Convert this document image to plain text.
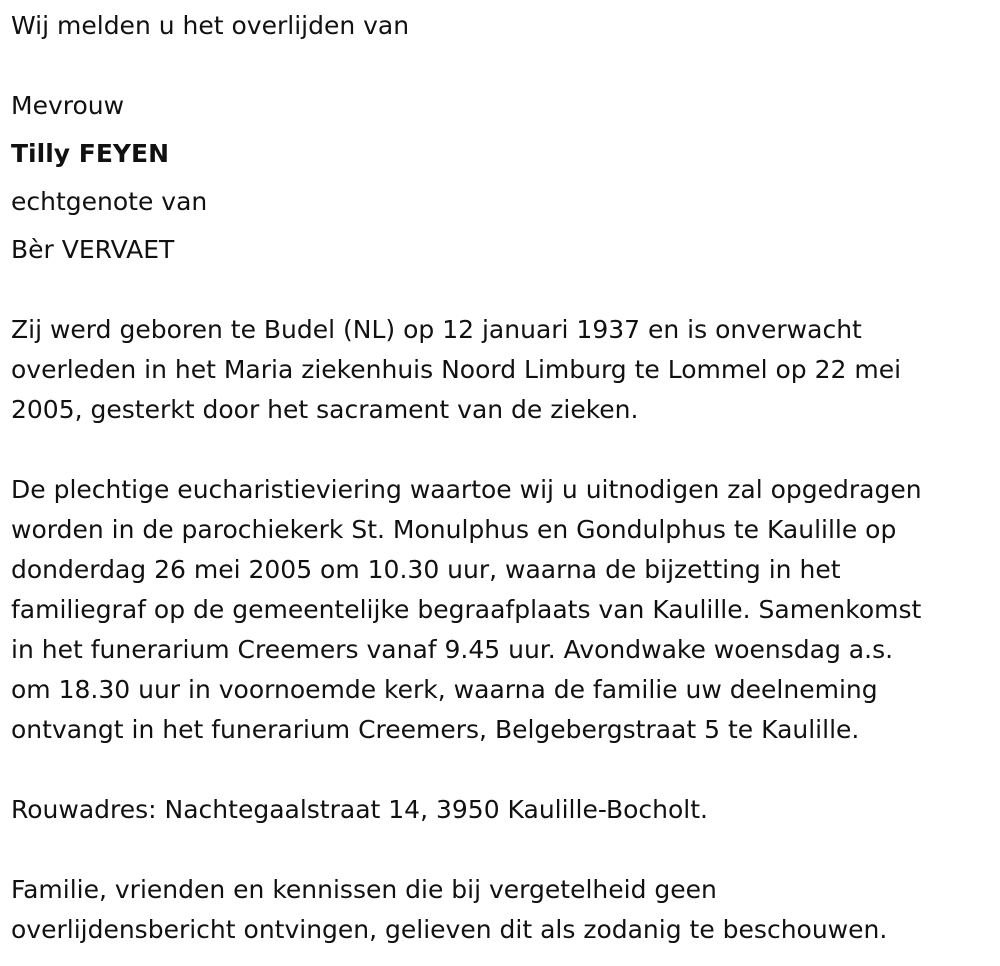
Wij melden u het overlijden van
Mevrouw
Tilly FEYEN
echtgenote van
Bèr VERVAET
Zij werd geboren te Budel (NL) op 12 januari 1937 en is onverwacht
overleden in het Maria ziekenhuis Noord Limburg te Lommel op 22 mei
2005, gesterkt door het sacrament van de zieken.
De plechtige eucharistieviering waartoe wij u uitnodigen zal opgedragen
worden in de parochiekerk St. Monulphus en Gondulphus te Kaulille op
donderdag 26 mei 2005 om 10.30 uur, waarna de bijzetting in het
familiegraf op de gemeentelijke begraafplaats van Kaulille. Samenkomst
in het funerarium Creemers vanaf 9.45 uur. Avondwake woensdag a.s.
om 18.30 uur in voornoemde kerk, waarna de familie uw deelneming
ontvangt in het funerarium Creemers, Belgebergstraat 5 te Kaulille.
Rouwadres: Nachtegaalstraat 14, 3950 Kaulille-Bocholt.
Familie, vrienden en kennissen die bij vergetelheid geen
overlijdensbericht ontvingen, gelieven dit als zodanig te beschouwen.
